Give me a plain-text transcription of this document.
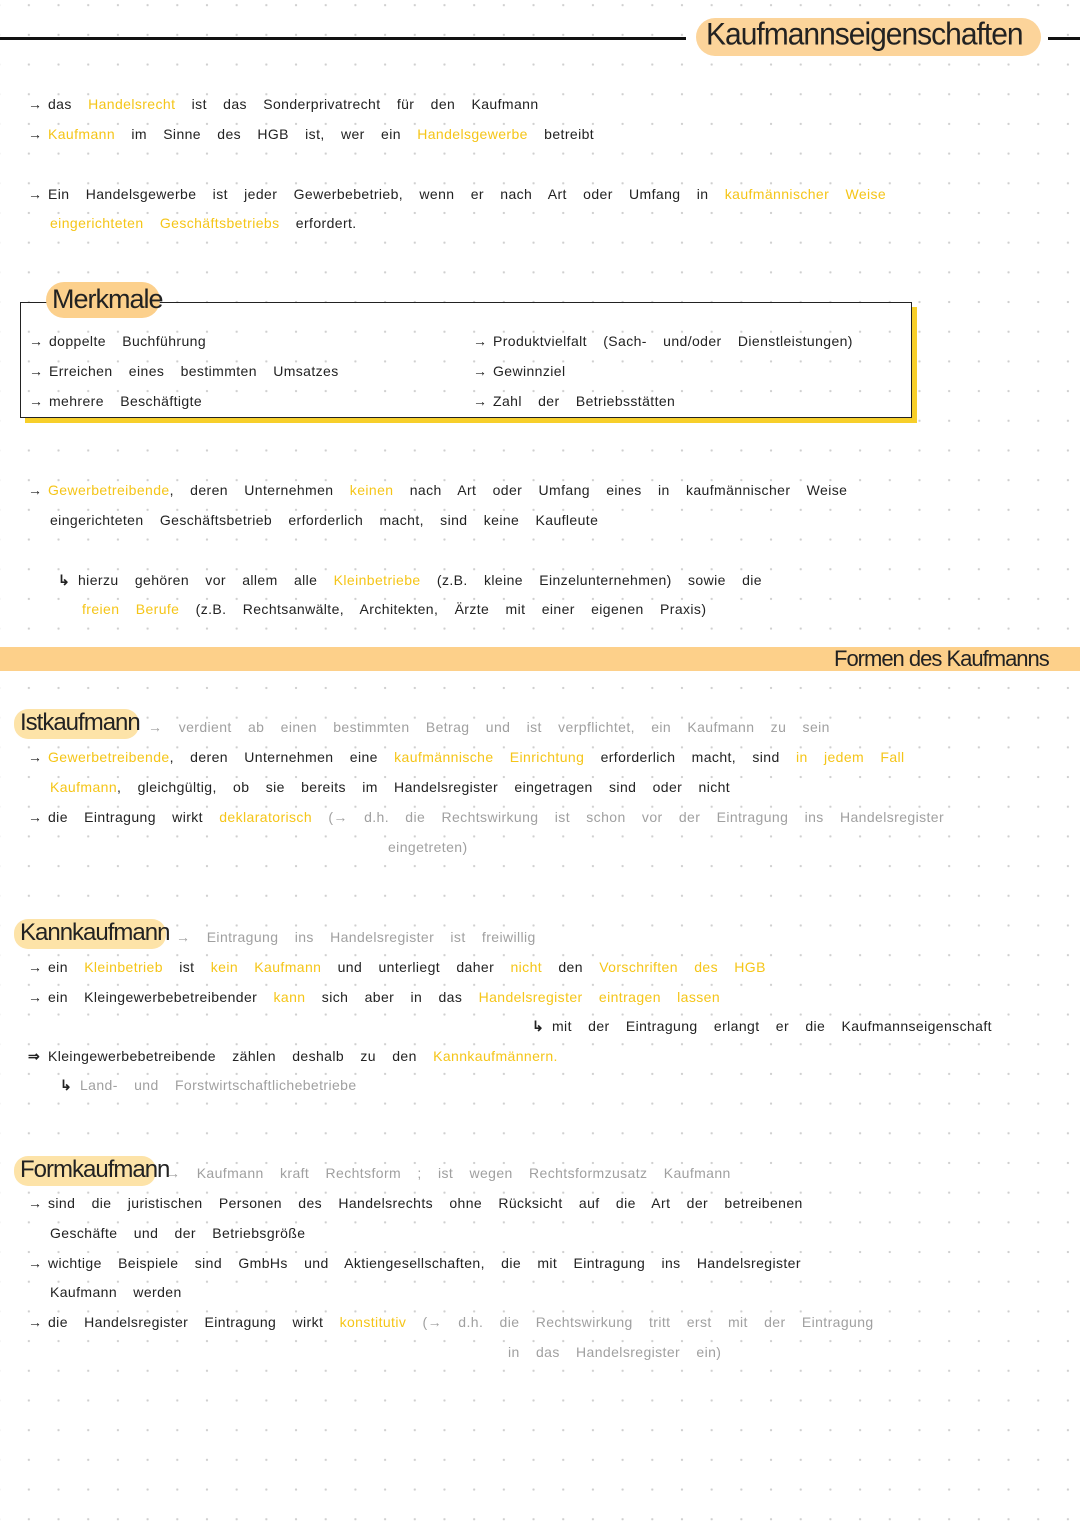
Kaufmannseigenschaften
→ doppelte Buchführung
→ Erreichen eines bestimmten Umsatzes
→ mehrere Beschäftigte
→ Produktvielfalt (Sach- und/oder Dienstleistungen)
→ Gewinnziel
→ Zahl der Betriebsstätten
Merkmale
Formen des Kaufmanns
Istkaufmann → verdient ab einen bestimmten Betrag und ist verpflichtet, ein Kaufmann zu sein
Kannkaufmann → Eintragung ins Handelsregister ist freiwillig
Formkaufmann
→ Kaufmann kraft Rechtsform ; ist wegen Rechtsformzusatz Kaufmann
→ das Handelsrecht ist das Sonderprivatrecht für den Kaufmann
→ Kaufmann im Sinne des HGB ist, wer ein Handelsgewerbe betreibt
→ Ein Handelsgewerbe ist jeder Gewerbebetrieb, wenn er nach Art oder Umfang in kaufmännischer Weise
eingerichteten Geschäftsbetriebs erfordert.
→ Gewerbetreibende, deren Unternehmen keinen nach Art oder Umfang eines in kaufmännischer Weise
eingerichteten Geschäftsbetrieb erforderlich macht, sind keine Kaufleute
↳ hierzu gehören vor allem alle Kleinbetriebe (z.B. kleine Einzelunternehmen) sowie die
freien Berufe (z.B. Rechtsanwälte, Architekten, Ärzte mit einer eigenen Praxis)
→ Gewerbetreibende, deren Unternehmen eine kaufmännische Einrichtung erforderlich macht, sind in jedem Fall
Kaufmann, gleichgültig, ob sie bereits im Handelsregister eingetragen sind oder nicht
→ die Eintragung wirkt deklaratorisch (→ d.h. die Rechtswirkung ist schon vor der Eintragung ins Handelsregister
eingetreten)
→ ein Kleinbetrieb ist kein Kaufmann und unterliegt daher nicht den Vorschriften des HGB
→ ein Kleingewerbebetreibender kann sich aber in das Handelsregister eintragen lassen
↳ mit der Eintragung erlangt er die Kaufmannseigenschaft
⇒ Kleingewerbebetreibende zählen deshalb zu den Kannkaufmännern.
↳ Land- und Forstwirtschaftlichebetriebe
→ sind die juristischen Personen des Handelsrechts ohne Rücksicht auf die Art der betreibenen
Geschäfte und der Betriebsgröße
→ wichtige Beispiele sind GmbHs und Aktiengesellschaften, die mit Eintragung ins Handelsregister
Kaufmann werden
→ die Handelsregister Eintragung wirkt konstitutiv (→ d.h. die Rechtswirkung tritt erst mit der Eintragung
in das Handelsregister ein)
